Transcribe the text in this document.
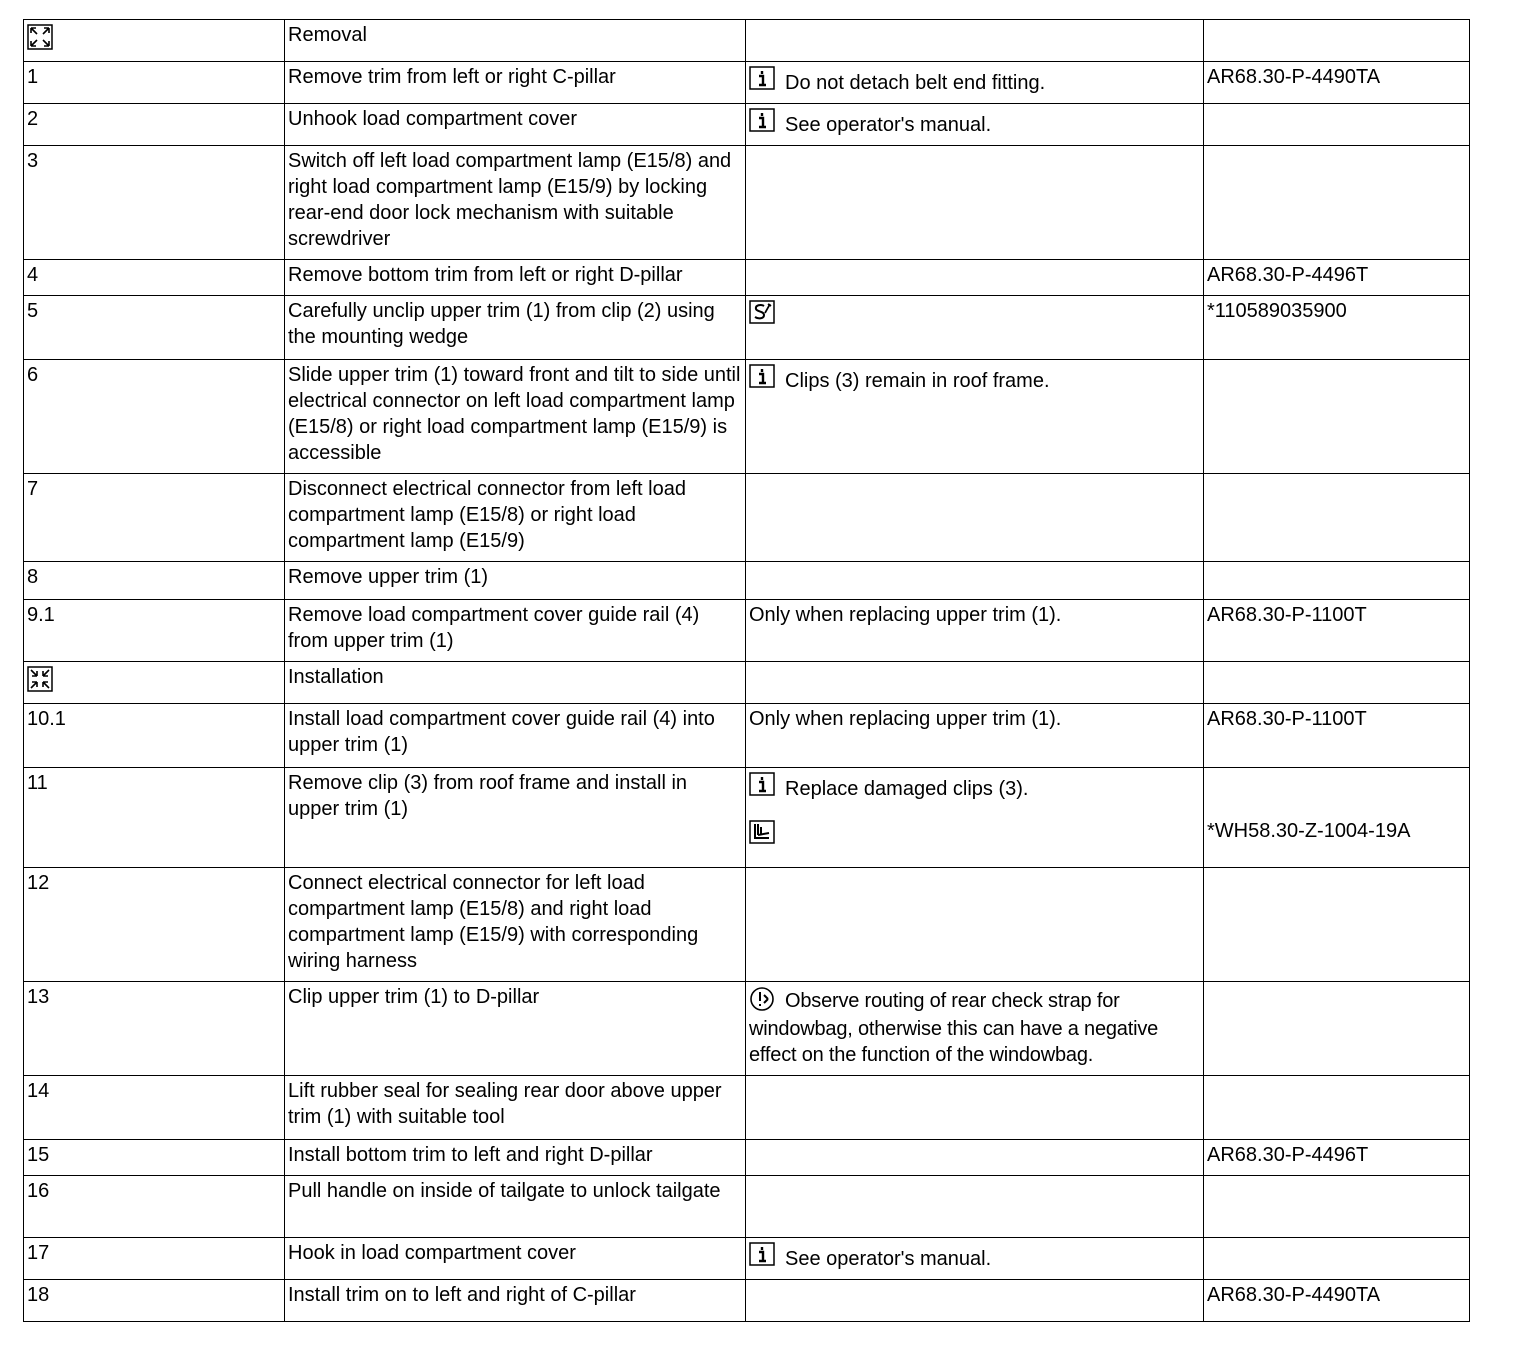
	Removal		
1	Remove trim from left or right C-pillar	Do not detach belt end fitting.	AR68.30-P-4490TA
2	Unhook load compartment cover	See operator's manual.	
3	Switch off left load compartment lamp (E15/8) and right load compartment lamp (E15/9) by locking rear-end door lock mechanism with suitable screwdriver		
4	Remove bottom trim from left or right D-pillar		AR68.30-P-4496T
5	Carefully unclip upper trim (1) from clip (2) using the mounting wedge		*110589035900
6	Slide upper trim (1) toward front and tilt to side until electrical connector on left load compartment lamp (E15/8) or right load compartment lamp (E15/9) is accessible	Clips (3) remain in roof frame.	
7	Disconnect electrical connector from left load compartment lamp (E15/8) or right load compartment lamp (E15/9)		
8	Remove upper trim (1)		
9.1	Remove load compartment cover guide rail (4) from upper trim (1)	Only when replacing upper trim (1).	AR68.30-P-1100T

	Installation		
10.1	Install load compartment cover guide rail (4) into upper trim (1)	Only when replacing upper trim (1).	AR68.30-P-1100T
11	Remove clip (3) from roof frame and install in upper trim (1)	Replace damaged clips (3).	*WH58.30-Z-1004-19A
12	Connect electrical connector for left load compartment lamp (E15/8) and right load compartment lamp (E15/9) with corresponding wiring harness		
13	Clip upper trim (1) to D-pillar	Observe routing of rear check strap for windowbag, otherwise this can have a negative effect on the function of the windowbag.	
14	Lift rubber seal for sealing rear door above upper trim (1) with suitable tool		
15	Install bottom trim to left and right D-pillar		AR68.30-P-4496T
16	Pull handle on inside of tailgate to unlock tailgate		
17	Hook in load compartment cover	See operator's manual.	
18	Install trim on to left and right of C-pillar		AR68.30-P-4490TA
